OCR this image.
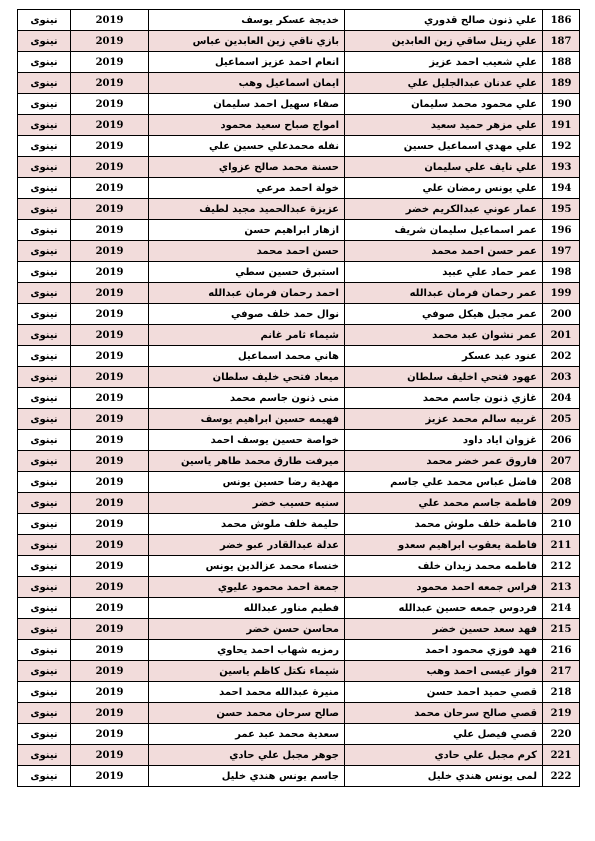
نينوى	2019	خديجة عسكر يوسف	علي ذنون صالح قدوري	186
نينوى	2019	بازي ناقي زين العابدين عباس	علي زينل ساقي زين العابدين	187
نينوى	2019	انعام احمد عزيز اسماعيل	علي شعيب احمد عزيز	188
نينوى	2019	ايمان اسماعيل وهب	علي عدنان عبدالجليل علي	189
نينوى	2019	صفاء سهيل احمد سليمان	علي محمود محمد سليمان	190
نينوى	2019	امواج صباح سعيد محمود	علي مزهر حميد سعيد	191
نينوى	2019	نفله محمدعلي حسين علي	علي مهدي اسماعيل حسين	192
نينوى	2019	حسنة محمد صالح عزواي	علي نايف علي سليمان	193
نينوى	2019	خولة احمد مرعي	علي يونس رمضان علي	194
نينوى	2019	عزيزة عبدالحميد مجيد لطيف	عمار عوني عبدالكريم خضر	195
نينوى	2019	ازهار ابراهيم حسن	عمر اسماعيل سليمان شريف	196
نينوى	2019	حسن احمد محمد	عمر حسن احمد محمد	197
نينوى	2019	استبرق حسين سطي	عمر حماد علي عبيد	198
نينوى	2019	احمد رحمان فرمان عبدالله	عمر رحمان فرمان عبدالله	199
نينوى	2019	نوال حمد خلف صوفي	عمر مجبل هيكل صوفي	200
نينوى	2019	شيماء ثامر غانم	عمر نشوان عبد محمد	201
نينوى	2019	هاني محمد اسماعيل	عنود عبد عسكر	202
نينوى	2019	ميعاد فتحي خليف سلطان	عهود فتحي اخليف سلطان	203
نينوى	2019	منى ذنون جاسم محمد	غازي ذنون جاسم محمد	204
نينوى	2019	فهيمه حسين ابراهيم يوسف	غربيه سالم محمد عزيز	205
نينوى	2019	خواصة حسين يوسف احمد	غزوان اياد داود	206
نينوى	2019	ميرفت طارق محمد طاهر ياسين	فاروق عمر خضر محمد	207
نينوى	2019	مهدية رضا حسين يونس	فاضل عباس محمد علي جاسم	208
نينوى	2019	سنيه حسيب خضر	فاطمة جاسم محمد علي	209
نينوى	2019	حليمة خلف ملوش محمد	فاطمة خلف ملوش محمد	210
نينوى	2019	عدلة عبدالقادر عبو خضر	فاطمة يعقوب ابراهيم سعدو	211
نينوى	2019	خنساء محمد عزالدين يونس	فاطمه محمد زيدان خلف	212
نينوى	2019	جمعة احمد محمود عليوي	فراس جمعه احمد محمود	213
نينوى	2019	فطيم مناور عبدالله	فردوس جمعه حسين عبدالله	214
نينوى	2019	محاسن حسن خضر	فهد سعد حسين خضر	215
نينوى	2019	رمزيه شهاب احمد يحاوي	فهد فوزي محمود احمد	216
نينوى	2019	شيماء نكتل كاظم ياسين	فواز عيسى احمد وهب	217
نينوى	2019	منيرة عبدالله محمد احمد	قصي حميد احمد حسن	218
نينوى	2019	صالح سرحان محمد حسن	قصي صالح سرحان محمد	219
نينوى	2019	سعدية محمد عبد عمر	قصي فيصل علي	220
نينوى	2019	جوهر مجبل علي حادي	كرم مجبل علي حادي	221
نينوى	2019	جاسم يونس هندي خليل	لمى يونس هندي خليل	222
